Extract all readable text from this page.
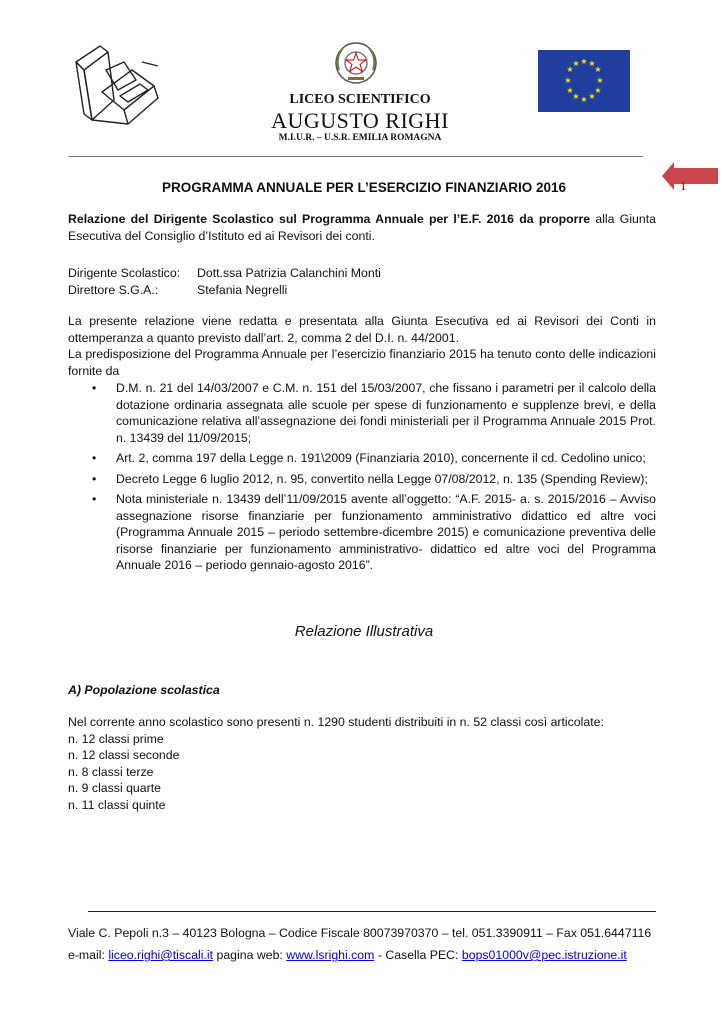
★ ★
★
★
★
★
★
★
★
★
★
★
LICEO SCIENTIFICO
AUGUSTO RIGHI
M.I.U.R. – U.S.R. EMILIA ROMAGNA
1
PROGRAMMA ANNUALE PER L’ESERCIZIO FINANZIARIO 2016
Relazione del Dirigente Scolastico sul Programma Annuale per l’E.F. 2016 da proporre alla Giunta Esecutiva del Consiglio d’Istituto ed ai Revisori dei conti.
Dirigente Scolastico:	Dott.ssa Patrizia Calanchini Monti
Direttore S.G.A.:	Stefania Negrelli
La presente relazione viene redatta e presentata alla Giunta Esecutiva ed ai Revisori dei Conti in ottemperanza a quanto previsto dall’art. 2, comma 2 del D.I. n. 44/2001.
La predisposizione del Programma Annuale per l’esercizio finanziario 2015 ha tenuto conto delle indicazioni fornite da
• D.M. n. 21 del 14/03/2007 e C.M. n. 151 del 15/03/2007, che fissano i parametri per il calcolo della dotazione ordinaria assegnata alle scuole per spese di funzionamento e supplenze brevi, e della comunicazione relativa all’assegnazione dei fondi ministeriali per il Programma Annuale 2015 Prot. n. 13439 del 11/09/2015;
• Art. 2, comma 197 della Legge n. 191\2009 (Finanziaria 2010), concernente il cd. Cedolino unico;
• Decreto Legge 6 luglio 2012, n. 95, convertito nella Legge 07/08/2012, n. 135 (Spending Review);
• Nota ministeriale n. 13439 dell’11/09/2015 avente all’oggetto: “A.F. 2015- a. s. 2015/2016 – Avviso assegnazione risorse finanziarie per funzionamento amministrativo didattico ed altre voci (Programma Annuale 2015 – periodo settembre-dicembre 2015) e comunicazione preventiva delle risorse finanziarie per funzionamento amministrativo- didattico ed altre voci del Programma Annuale 2016 – periodo gennaio-agosto 2016”.
Relazione Illustrativa
A) Popolazione scolastica
Nel corrente anno scolastico sono presenti n. 1290 studenti distribuiti in n. 52 classi così articolate:
n. 12 classi prime
n. 12 classi seconde
n. 8 classi terze
n. 9 classi quarte
n. 11 classi quinte
Viale C. Pepoli n.3 – 40123 Bologna – Codice Fiscale 80073970370 – tel. 051.3390911 – Fax 051.6447116
e-mail: liceo.righi@tiscali.it pagina web: www.lsrighi.com - Casella PEC: bops01000v@pec.istruzione.it
